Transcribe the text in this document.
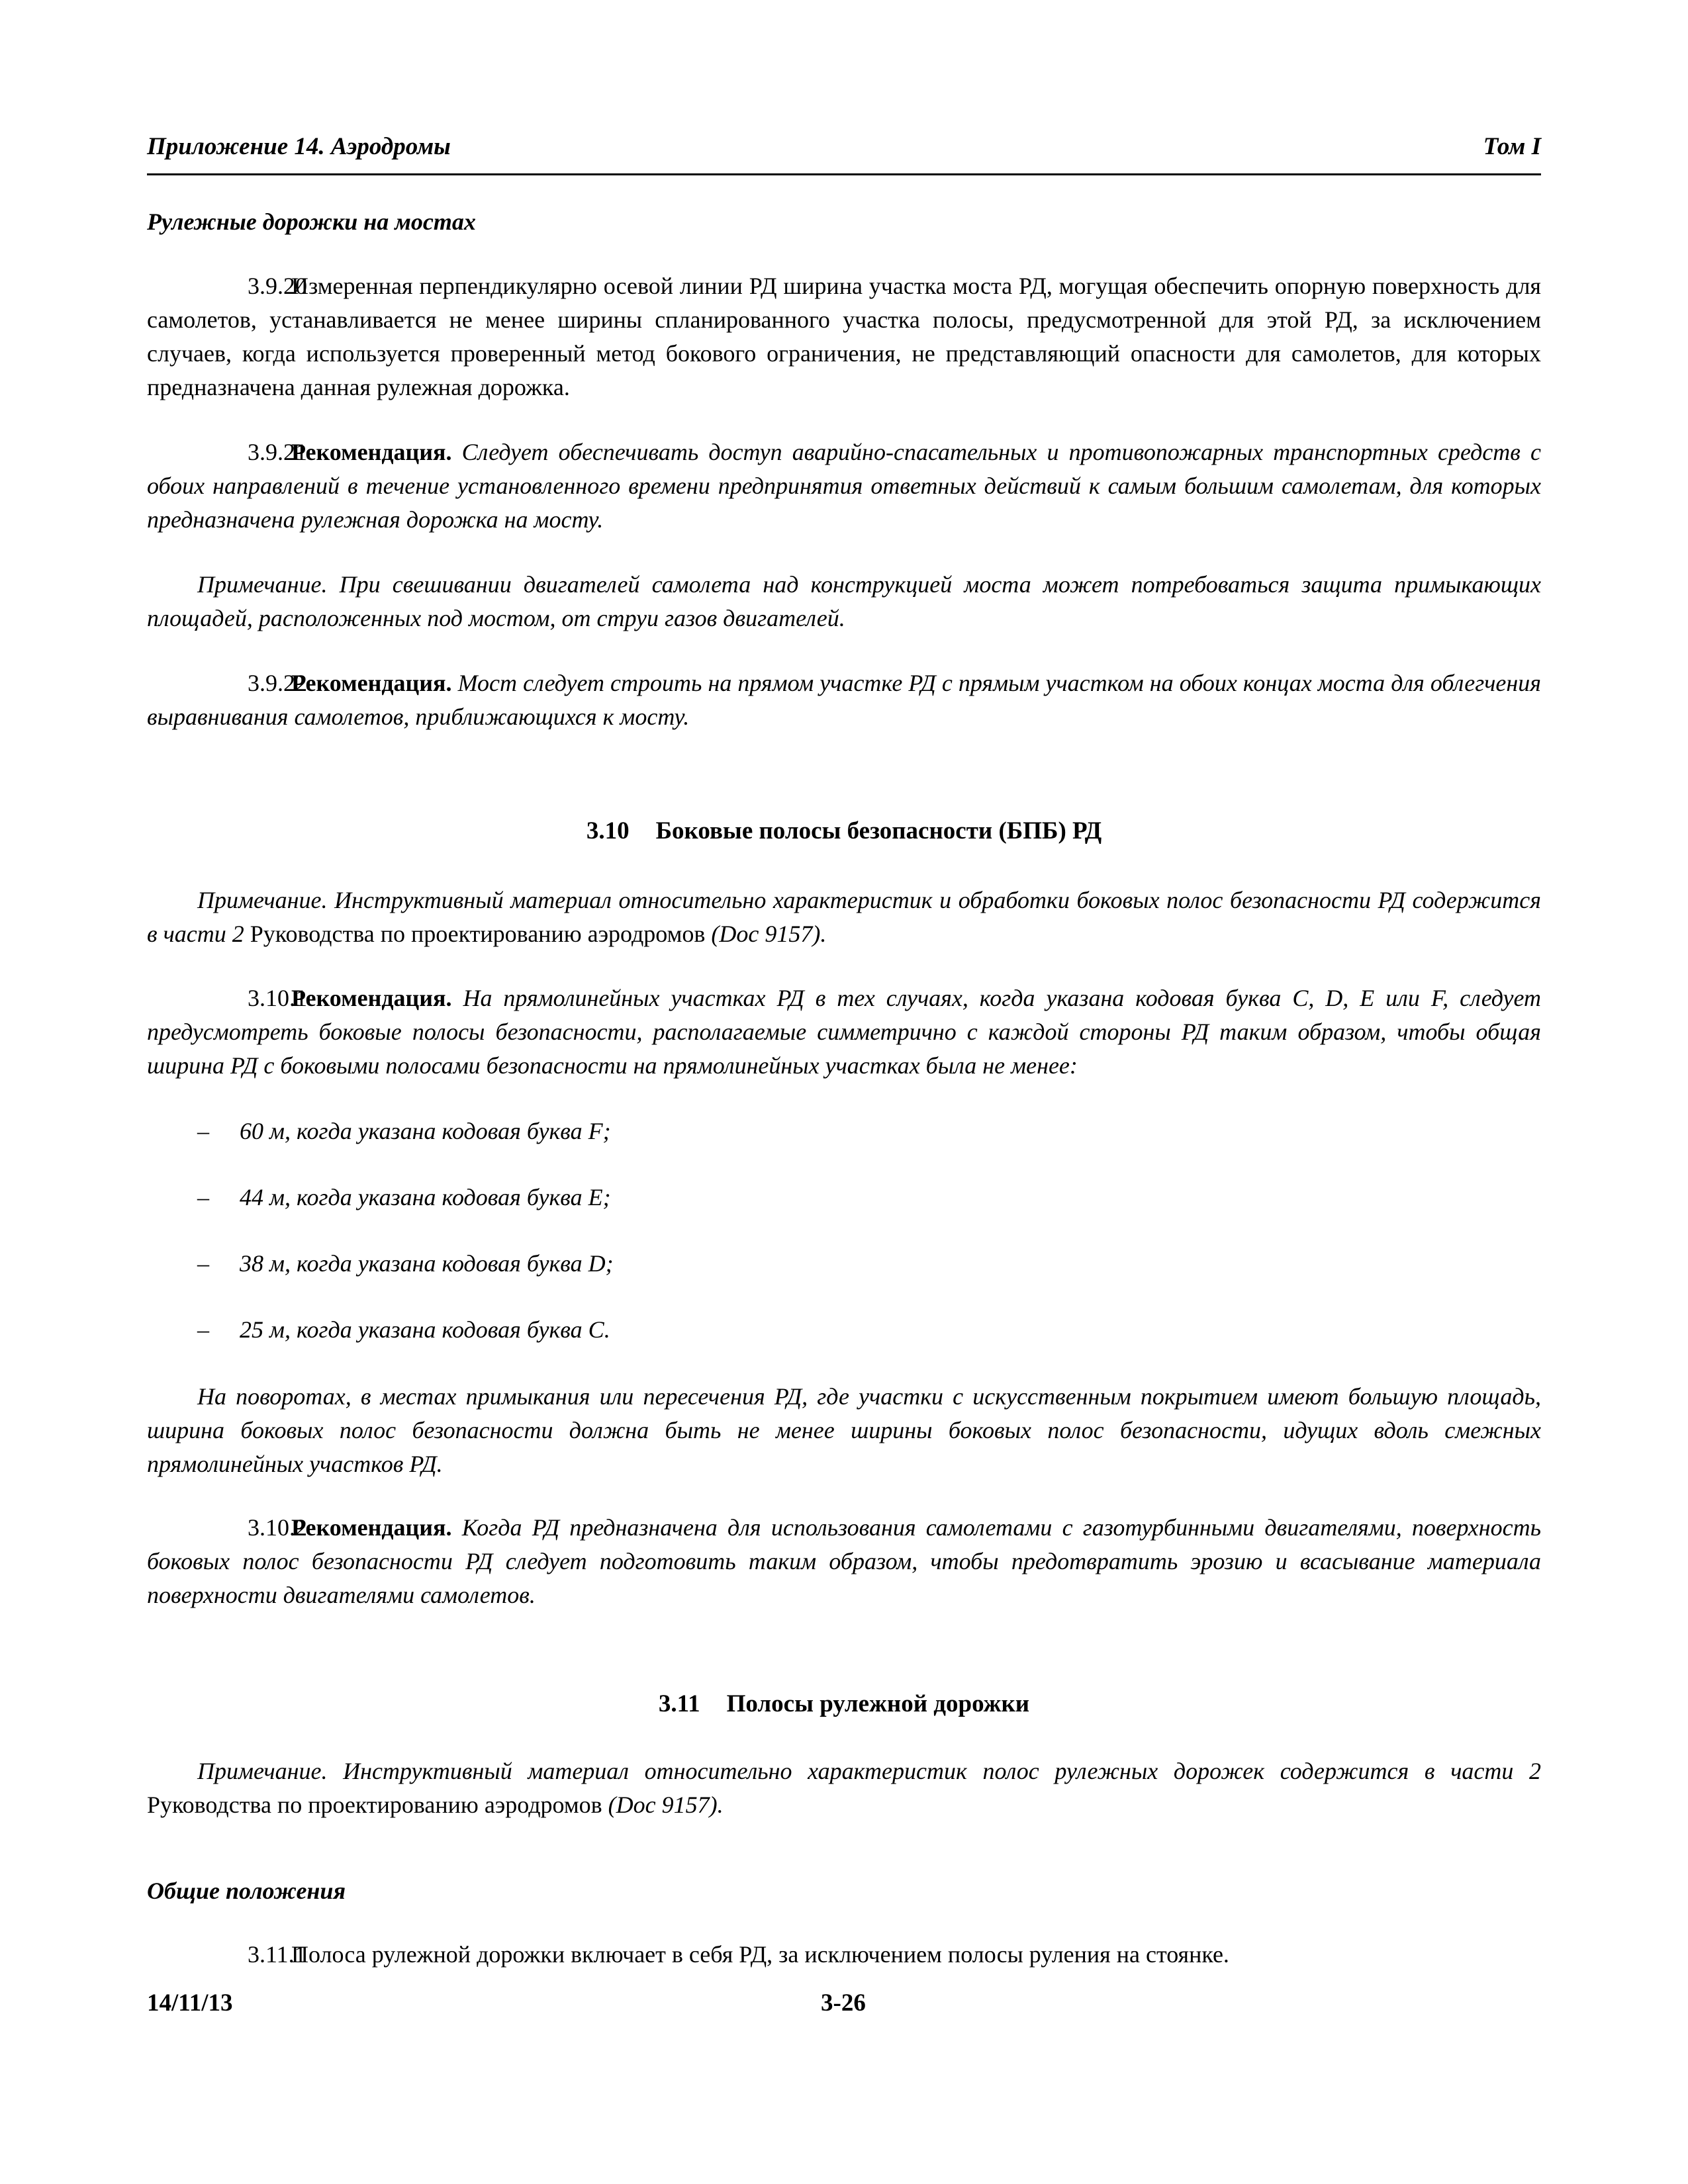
Приложение 14. Аэродромы	Том I
Рулежные дорожки на мостах
3.9.20Измеренная перпендикулярно осевой линии РД ширина участка моста РД, могущая обеспечить опорную поверхность для самолетов, устанавливается не менее ширины спланированного участка полосы, предусмотренной для этой РД, за исключением случаев, когда используется проверенный метод бокового ограничения, не представляющий опасности для самолетов, для которых предназначена данная рулежная дорожка.
3.9.21Рекомендация. Следует обеспечивать доступ аварийно-спасательных и противопожарных транспортных средств с обоих направлений в течение установленного времени предпринятия ответных действий к самым большим самолетам, для которых предназначена рулежная дорожка на мосту.
Примечание. При свешивании двигателей самолета над конструкцией моста может потребоваться защита примыкающих площадей, расположенных под мостом, от струи газов двигателей.
3.9.22Рекомендация. Мост следует строить на прямом участке РД с прямым участком на обоих концах моста для облегчения выравнивания самолетов, приближающихся к мосту.
3.10 Боковые полосы безопасности (БПБ) РД
Примечание. Инструктивный материал относительно характеристик и обработки боковых полос безопасности РД содержится в части 2 Руководства по проектированию аэродромов (Doc 9157).
3.10.1Рекомендация. На прямолинейных участках РД в тех случаях, когда указана кодовая буква C, D, E или F, следует предусмотреть боковые полосы безопасности, располагаемые симметрично с каждой стороны РД таким образом, чтобы общая ширина РД с боковыми полосами безопасности на прямолинейных участках была не менее:
– 60 м, когда указана кодовая буква F;
– 44 м, когда указана кодовая буква E;
– 38 м, когда указана кодовая буква D;
– 25 м, когда указана кодовая буква C.
На поворотах, в местах примыкания или пересечения РД, где участки с искусственным покрытием имеют большую площадь, ширина боковых полос безопасности должна быть не менее ширины боковых полос безопасности, идущих вдоль смежных прямолинейных участков РД.
3.10.2Рекомендация. Когда РД предназначена для использования самолетами с газотурбинными двигателями, поверхность боковых полос безопасности РД следует подготовить таким образом, чтобы предотвратить эрозию и всасывание материала поверхности двигателями самолетов.
3.11 Полосы рулежной дорожки
Примечание. Инструктивный материал относительно характеристик полос рулежных дорожек содержится в части 2 Руководства по проектированию аэродромов (Doc 9157).
Общие положения
3.11.1Полоса рулежной дорожки включает в себя РД, за исключением полосы руления на стоянке.
14/11/13	3-26
